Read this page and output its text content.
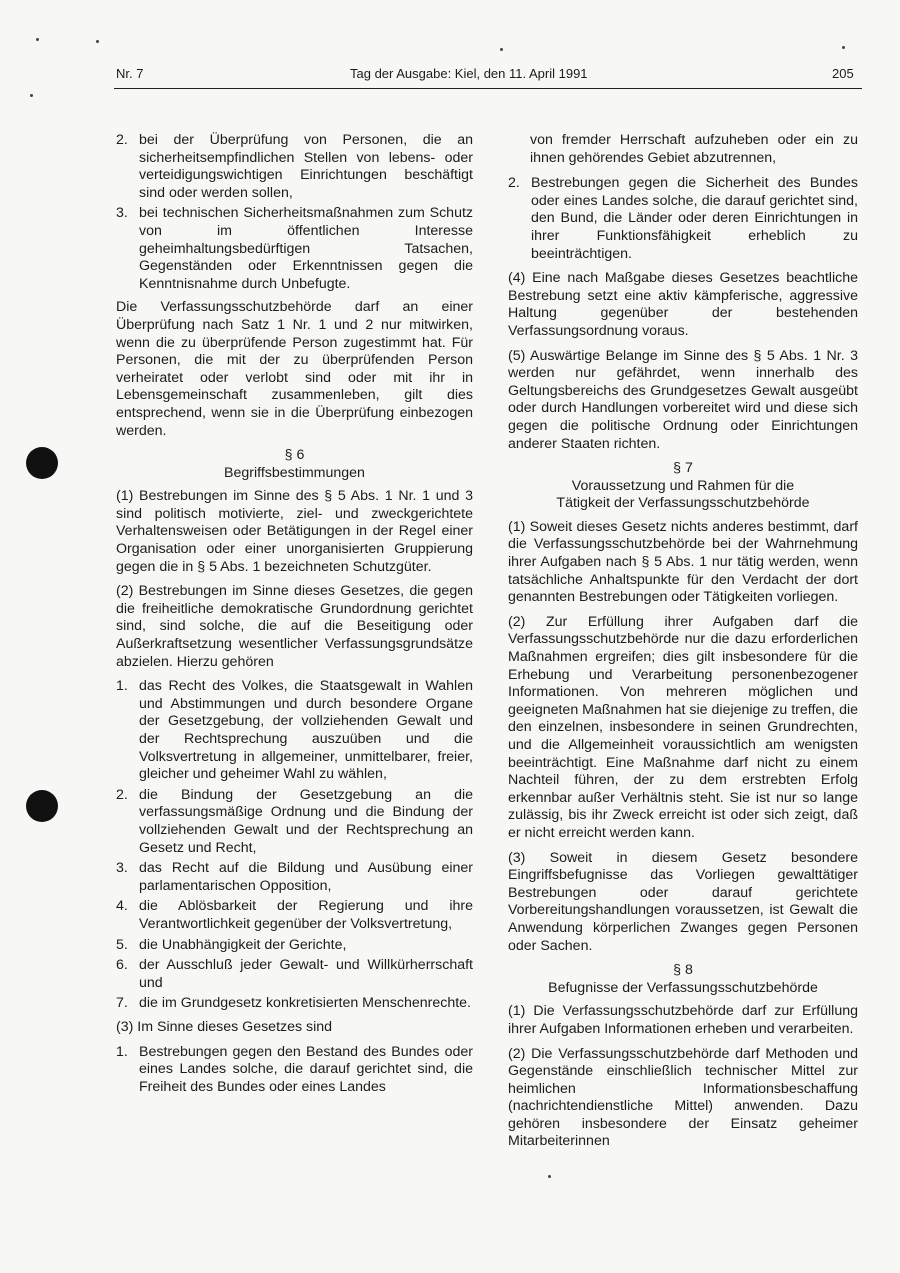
Nr. 7	Tag der Ausgabe: Kiel, den 11. April 1991	205
2. bei der Überprüfung von Personen, die an sicherheitsempfindlichen Stellen von lebens- oder verteidigungswichtigen Einrichtungen beschäftigt sind oder werden sollen,
3. bei technischen Sicherheitsmaßnahmen zum Schutz von im öffentlichen Interesse geheimhaltungsbedürftigen Tatsachen, Gegenständen oder Erkenntnissen gegen die Kenntnisnahme durch Unbefugte.

Die Verfassungsschutzbehörde darf an einer Überprüfung nach Satz 1 Nr. 1 und 2 nur mitwirken, wenn die zu überprüfende Person zugestimmt hat. Für Personen, die mit der zu überprüfenden Person verheiratet oder verlobt sind oder mit ihr in Lebensgemeinschaft zusammenleben, gilt dies entsprechend, wenn sie in die Überprüfung einbezogen werden.

§ 6
Begriffsbestimmungen

(1) Bestrebungen im Sinne des § 5 Abs. 1 Nr. 1 und 3 sind politisch motivierte, ziel- und zweckgerichtete Verhaltensweisen oder Betätigungen in der Regel einer Organisation oder einer unorganisierten Gruppierung gegen die in § 5 Abs. 1 bezeichneten Schutzgüter.

(2) Bestrebungen im Sinne dieses Gesetzes, die gegen die freiheitliche demokratische Grundordnung gerichtet sind, sind solche, die auf die Beseitigung oder Außerkraftsetzung wesentlicher Verfassungsgrundsätze abzielen. Hierzu gehören

1. das Recht des Volkes, die Staatsgewalt in Wahlen und Abstimmungen und durch besondere Organe der Gesetzgebung, der vollziehenden Gewalt und der Rechtsprechung auszuüben und die Volksvertretung in allgemeiner, unmittelbarer, freier, gleicher und geheimer Wahl zu wählen,
2. die Bindung der Gesetzgebung an die verfassungsmäßige Ordnung und die Bindung der vollziehenden Gewalt und der Rechtsprechung an Gesetz und Recht,
3. das Recht auf die Bildung und Ausübung einer parlamentarischen Opposition,
4. die Ablösbarkeit der Regierung und ihre Verantwortlichkeit gegenüber der Volksvertretung,
5. die Unabhängigkeit der Gerichte,
6. der Ausschluß jeder Gewalt- und Willkürherrschaft und
7. die im Grundgesetz konkretisierten Menschenrechte.

(3) Im Sinne dieses Gesetzes sind

1. Bestrebungen gegen den Bestand des Bundes oder eines Landes solche, die darauf gerichtet sind, die Freiheit des Bundes oder eines Landes

von fremder Herrschaft aufzuheben oder ein zu ihnen gehörendes Gebiet abzutrennen,

2. Bestrebungen gegen die Sicherheit des Bundes oder eines Landes solche, die darauf gerichtet sind, den Bund, die Länder oder deren Einrichtungen in ihrer Funktionsfähigkeit erheblich zu beeinträchtigen.

(4) Eine nach Maßgabe dieses Gesetzes beachtliche Bestrebung setzt eine aktiv kämpferische, aggressive Haltung gegenüber der bestehenden Verfassungsordnung voraus.

(5) Auswärtige Belange im Sinne des § 5 Abs. 1 Nr. 3 werden nur gefährdet, wenn innerhalb des Geltungsbereichs des Grundgesetzes Gewalt ausgeübt oder durch Handlungen vorbereitet wird und diese sich gegen die politische Ordnung oder Einrichtungen anderer Staaten richten.

§ 7
Voraussetzung und Rahmen für die Tätigkeit der Verfassungsschutzbehörde

(1) Soweit dieses Gesetz nichts anderes bestimmt, darf die Verfassungsschutzbehörde bei der Wahrnehmung ihrer Aufgaben nach § 5 Abs. 1 nur tätig werden, wenn tatsächliche Anhaltspunkte für den Verdacht der dort genannten Bestrebungen oder Tätigkeiten vorliegen.

(2) Zur Erfüllung ihrer Aufgaben darf die Verfassungsschutzbehörde nur die dazu erforderlichen Maßnahmen ergreifen; dies gilt insbesondere für die Erhebung und Verarbeitung personenbezogener Informationen. Von mehreren möglichen und geeigneten Maßnahmen hat sie diejenige zu treffen, die den einzelnen, insbesondere in seinen Grundrechten, und die Allgemeinheit voraussichtlich am wenigsten beeinträchtigt. Eine Maßnahme darf nicht zu einem Nachteil führen, der zu dem erstrebten Erfolg erkennbar außer Verhältnis steht. Sie ist nur so lange zulässig, bis ihr Zweck erreicht ist oder sich zeigt, daß er nicht erreicht werden kann.

(3) Soweit in diesem Gesetz besondere Eingriffsbefugnisse das Vorliegen gewalttätiger Bestrebungen oder darauf gerichtete Vorbereitungshandlungen voraussetzen, ist Gewalt die Anwendung körperlichen Zwanges gegen Personen oder Sachen.

§ 8
Befugnisse der Verfassungsschutzbehörde

(1) Die Verfassungsschutzbehörde darf zur Erfüllung ihrer Aufgaben Informationen erheben und verarbeiten.

(2) Die Verfassungsschutzbehörde darf Methoden und Gegenstände einschließlich technischer Mittel zur heimlichen Informationsbeschaffung (nachrichtendienstliche Mittel) anwenden. Dazu gehören insbesondere der Einsatz geheimer Mitarbeiterinnen
